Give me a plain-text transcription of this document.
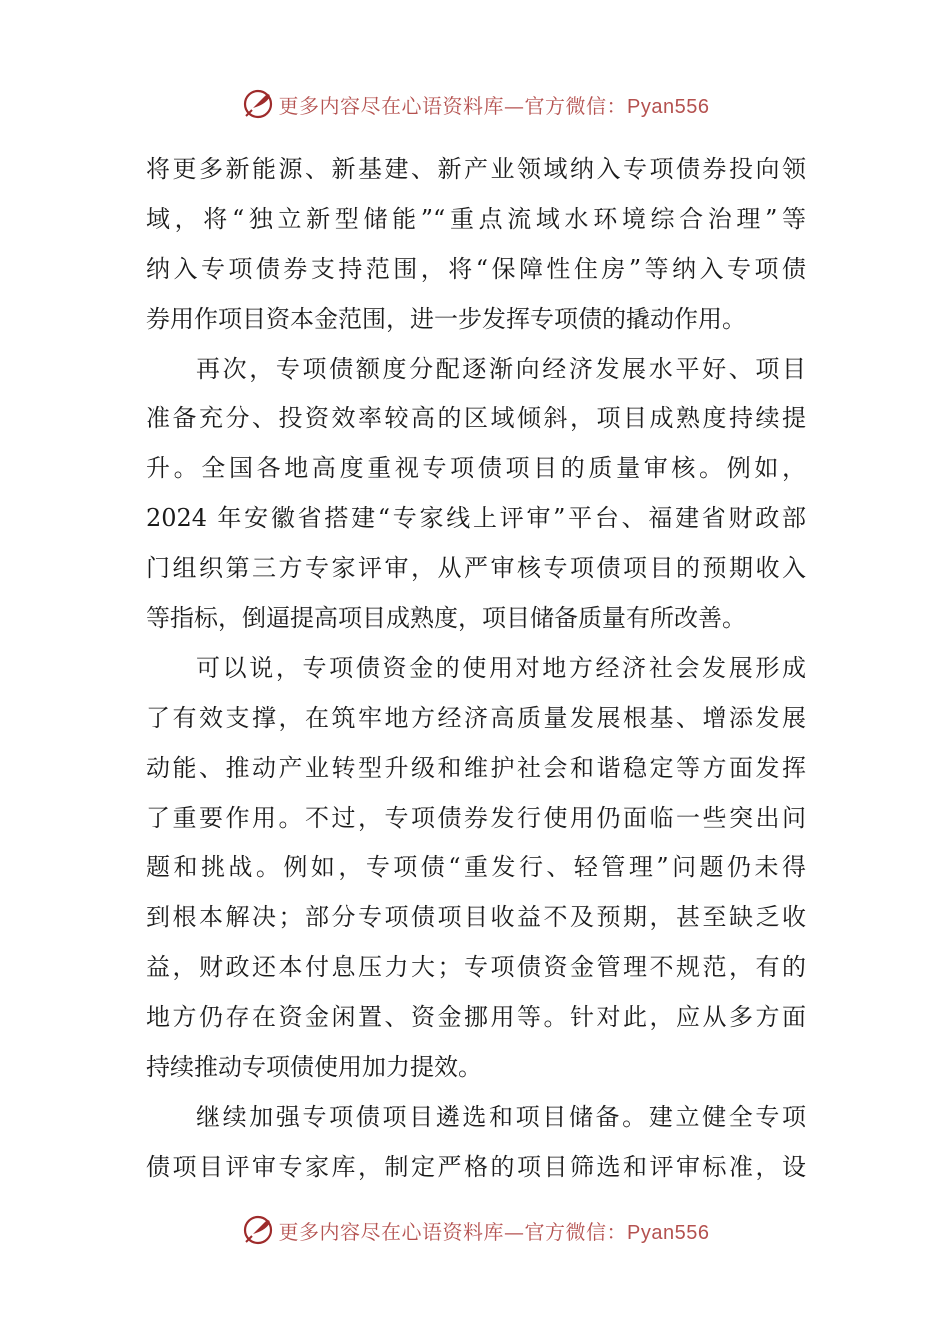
更多内容尽在心语资料库—官方微信：Pyan556
将更多新能源、新基建、新产业领域纳入专项债券投向领
域，将“独立新型储能”“重点流域水环境综合治理”等
纳入专项债券支持范围，将“保障性住房”等纳入专项债
券用作项目资本金范围，进一步发挥专项债的撬动作用。
再次，专项债额度分配逐渐向经济发展水平好、项目
准备充分、投资效率较高的区域倾斜，项目成熟度持续提
升。全国各地高度重视专项债项目的质量审核。例如，
2024 年安徽省搭建“专家线上评审”平台、福建省财政部
门组织第三方专家评审，从严审核专项债项目的预期收入
等指标，倒逼提高项目成熟度，项目储备质量有所改善。
可以说，专项债资金的使用对地方经济社会发展形成
了有效支撑，在筑牢地方经济高质量发展根基、增添发展
动能、推动产业转型升级和维护社会和谐稳定等方面发挥
了重要作用。不过，专项债券发行使用仍面临一些突出问
题和挑战。例如，专项债“重发行、轻管理”问题仍未得
到根本解决；部分专项债项目收益不及预期，甚至缺乏收
益，财政还本付息压力大；专项债资金管理不规范，有的
地方仍存在资金闲置、资金挪用等。针对此，应从多方面
持续推动专项债使用加力提效。
继续加强专项债项目遴选和项目储备。建立健全专项
债项目评审专家库，制定严格的项目筛选和评审标准，设
更多内容尽在心语资料库—官方微信：Pyan556
